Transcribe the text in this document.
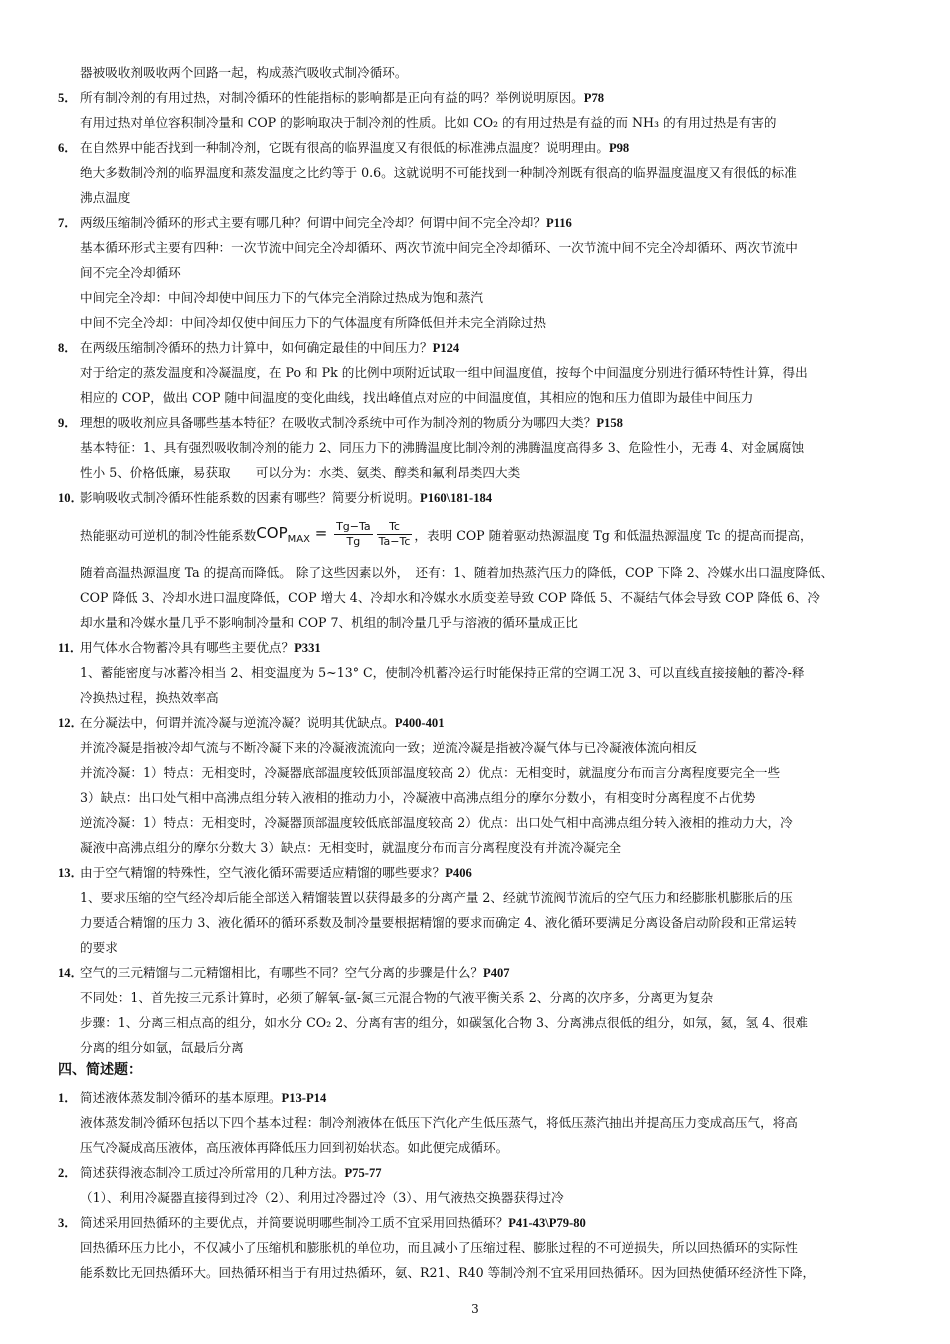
器被吸收剂吸收两个回路一起，构成蒸汽吸收式制冷循环。
5． 所有制冷剂的有用过热，对制冷循环的性能指标的影响都是正向有益的吗？举例说明原因。P78
有用过热对单位容积制冷量和 COP 的影响取决于制冷剂的性质。比如 CO₂ 的有用过热是有益的而 NH₃ 的有用过热是有害的
6． 在自然界中能否找到一种制冷剂，它既有很高的临界温度又有很低的标准沸点温度？说明理由。P98
绝大多数制冷剂的临界温度和蒸发温度之比约等于 0.6。这就说明不可能找到一种制冷剂既有很高的临界温度温度又有很低的标准
沸点温度
7． 两级压缩制冷循环的形式主要有哪几种？何谓中间完全冷却？何谓中间不完全冷却？P116
基本循环形式主要有四种：一次节流中间完全冷却循环、两次节流中间完全冷却循环、一次节流中间不完全冷却循环、两次节流中
间不完全冷却循环
中间完全冷却：中间冷却使中间压力下的气体完全消除过热成为饱和蒸汽
中间不完全冷却：中间冷却仅使中间压力下的气体温度有所降低但并未完全消除过热
8． 在两级压缩制冷循环的热力计算中，如何确定最佳的中间压力？P124
对于给定的蒸发温度和冷凝温度，在 Po 和 Pk 的比例中项附近试取一组中间温度值，按每个中间温度分别进行循环特性计算，得出
相应的 COP，做出 COP 随中间温度的变化曲线，找出峰值点对应的中间温度值，其相应的饱和压力值即为最佳中间压力
9． 理想的吸收剂应具备哪些基本特征？在吸收式制冷系统中可作为制冷剂的物质分为哪四大类？P158
基本特征：1、具有强烈吸收制冷剂的能力 2、同压力下的沸腾温度比制冷剂的沸腾温度高得多 3、危险性小，无毒 4、对金属腐蚀
性小 5、价格低廉，易获取　　可以分为：水类、氨类、醇类和氟利昂类四大类
10．影响吸收式制冷循环性能系数的因素有哪些？简要分析说明。P160\181-184
热能驱动可逆机的制冷性能系数$COP_{MAX} = \frac{Tg-Ta}{Tg} \frac{Tc}{Ta-Tc}$ ，表明 COP 随着驱动热源温度 Tg 和低温热源温度 Tc 的提高而提高，
随着高温热源温度 Ta 的提高而降低。 除了这些因素以外，　还有：1、随着加热蒸汽压力的降低，COP 下降 2、冷媒水出口温度降低、
COP 降低 3、冷却水进口温度降低，COP 增大 4、冷却水和冷媒水水质变差导致 COP 降低 5、不凝结气体会导致 COP 降低 6、冷
却水量和冷媒水量几乎不影响制冷量和 COP 7、机组的制冷量几乎与溶液的循环量成正比
11．用气体水合物蓄冷具有哪些主要优点？P331
1、蓄能密度与冰蓄冷相当 2、相变温度为 5~13° C，使制冷机蓄冷运行时能保持正常的空调工况 3、可以直线直接接触的蓄冷-释
冷换热过程，换热效率高
12．在分凝法中，何谓并流冷凝与逆流冷凝？说明其优缺点。P400-401
并流冷凝是指被冷却气流与不断冷凝下来的冷凝液流流向一致；逆流冷凝是指被冷凝气体与已冷凝液体流向相反
并流冷凝：1）特点：无相变时，冷凝器底部温度较低顶部温度较高 2）优点：无相变时，就温度分布而言分离程度要完全一些
3）缺点：出口处气相中高沸点组分转入液相的推动力小，冷凝液中高沸点组分的摩尔分数小，有相变时分离程度不占优势
逆流冷凝：1）特点：无相变时，冷凝器顶部温度较低底部温度较高 2）优点：出口处气相中高沸点组分转入液相的推动力大，冷
凝液中高沸点组分的摩尔分数大 3）缺点：无相变时，就温度分布而言分离程度没有并流冷凝完全
13．由于空气精馏的特殊性，空气液化循环需要适应精馏的哪些要求？P406
1、要求压缩的空气经冷却后能全部送入精馏装置以获得最多的分离产量 2、经就节流阀节流后的空气压力和经膨胀机膨胀后的压
力要适合精馏的压力 3、液化循环的循环系数及制冷量要根据精馏的要求而确定 4、液化循环要满足分离设备启动阶段和正常运转
的要求
14．空气的三元精馏与二元精馏相比，有哪些不同？空气分离的步骤是什么？P407
不同处：1、首先按三元系计算时，必须了解氧-氩-氮三元混合物的气液平衡关系 2、分离的次序多，分离更为复杂
步骤：1、分离三相点高的组分，如水分 CO₂ 2、分离有害的组分，如碳氢化合物 3、分离沸点很低的组分，如氖，氦，氢 4、很难
分离的组分如氩，氙最后分离
四、简述题：
1． 简述液体蒸发制冷循环的基本原理。P13-P14
液体蒸发制冷循环包括以下四个基本过程：制冷剂液体在低压下汽化产生低压蒸气，将低压蒸汽抽出并提高压力变成高压气，将高
压气冷凝成高压液体，高压液体再降低压力回到初始状态。如此便完成循环。
2． 简述获得液态制冷工质过冷所常用的几种方法。P75-77
（1）、利用冷凝器直接得到过冷（2）、利用过冷器过冷（3）、用气液热交换器获得过冷
3． 简述采用回热循环的主要优点，并简要说明哪些制冷工质不宜采用回热循环？P41-43\P79-80
回热循环压力比小，不仅减小了压缩机和膨胀机的单位功，而且减小了压缩过程、膨胀过程的不可逆损失，所以回热循环的实际性
能系数比无回热循环大。回热循环相当于有用过热循环，氨、R21、R40 等制冷剂不宜采用回热循环。因为回热使循环经济性下降，
3
